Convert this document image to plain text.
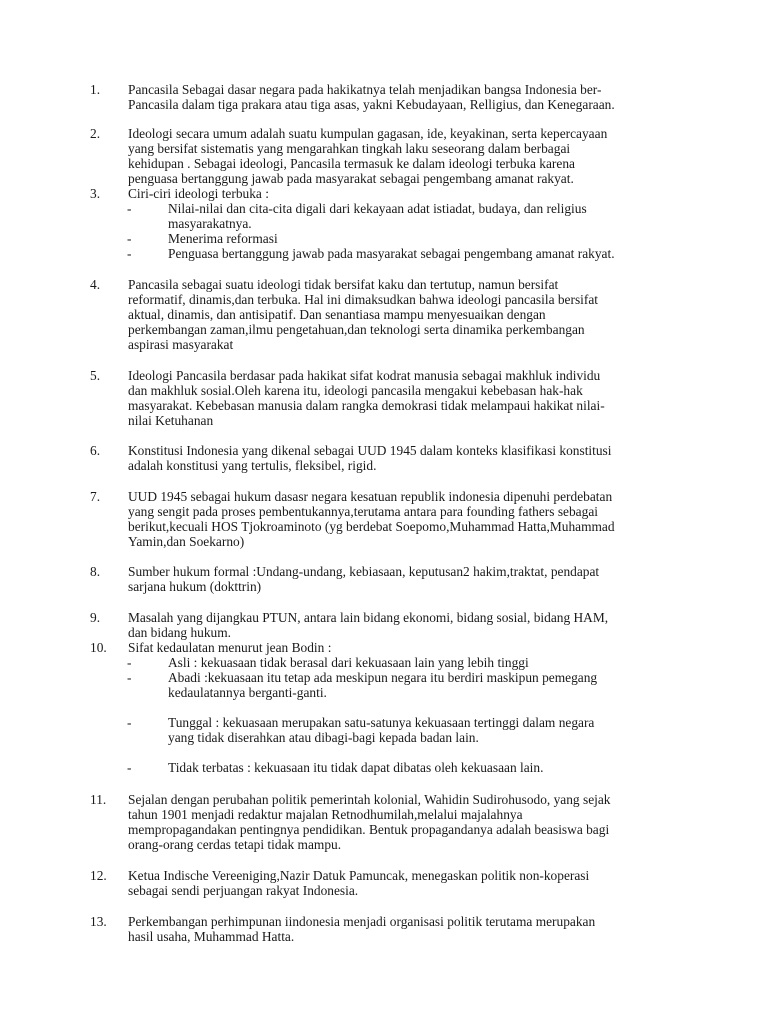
1. Pancasila Sebagai dasar negara pada hakikatnya telah menjadikan bangsa Indonesia ber-
Pancasila dalam tiga prakara atau tiga asas, yakni Kebudayaan, Relligius, dan Kenegaraan.
2. Ideologi secara umum adalah suatu kumpulan gagasan, ide, keyakinan, serta kepercayaan
yang bersifat sistematis yang mengarahkan tingkah laku seseorang dalam berbagai
kehidupan . Sebagai ideologi, Pancasila termasuk ke dalam ideologi terbuka karena
penguasa bertanggung jawab pada masyarakat sebagai pengembang amanat rakyat.
3. Ciri-ciri ideologi terbuka :
-	Nilai-nilai dan cita-cita digali dari kekayaan adat istiadat, budaya, dan religius
masyarakatnya.
-	Menerima reformasi
-	Penguasa bertanggung jawab pada masyarakat sebagai pengembang amanat rakyat.
4. Pancasila sebagai suatu ideologi tidak bersifat kaku dan tertutup, namun bersifat
reformatif, dinamis,dan terbuka. Hal ini dimaksudkan bahwa ideologi pancasila bersifat
aktual, dinamis, dan antisipatif. Dan senantiasa mampu menyesuaikan dengan
perkembangan zaman,ilmu pengetahuan,dan teknologi serta dinamika perkembangan
aspirasi masyarakat
5. Ideologi Pancasila berdasar pada hakikat sifat kodrat manusia sebagai makhluk individu
dan makhluk sosial.Oleh karena itu, ideologi pancasila mengakui kebebasan hak-hak
masyarakat. Kebebasan manusia dalam rangka demokrasi tidak melampaui hakikat nilai-
nilai Ketuhanan
6. Konstitusi Indonesia yang dikenal sebagai UUD 1945 dalam konteks klasifikasi konstitusi
adalah konstitusi yang tertulis, fleksibel, rigid.
7. UUD 1945 sebagai hukum dasasr negara kesatuan republik indonesia dipenuhi perdebatan
yang sengit pada proses pembentukannya,terutama antara para founding fathers sebagai
berikut,kecuali HOS Tjokroaminoto (yg berdebat Soepomo,Muhammad Hatta,Muhammad
Yamin,dan Soekarno)
8. Sumber hukum formal :Undang-undang, kebiasaan, keputusan2 hakim,traktat, pendapat
sarjana hukum (dokttrin)
9. Masalah yang dijangkau PTUN, antara lain bidang ekonomi, bidang sosial, bidang HAM,
dan bidang hukum.
10. Sifat kedaulatan menurut jean Bodin :
-	Asli : kekuasaan tidak berasal dari kekuasaan lain yang lebih tinggi
-	Abadi :kekuasaan itu tetap ada meskipun negara itu berdiri maskipun pemegang
kedaulatannya berganti-ganti.
-	Tunggal : kekuasaan merupakan satu-satunya kekuasaan tertinggi dalam negara
yang tidak diserahkan atau dibagi-bagi kepada badan lain.
-	Tidak terbatas : kekuasaan itu tidak dapat dibatas oleh kekuasaan lain.
11. Sejalan dengan perubahan politik pemerintah kolonial, Wahidin Sudirohusodo, yang sejak
tahun 1901 menjadi redaktur majalan Retnodhumilah,melalui majalahnya
mempropagandakan pentingnya pendidikan. Bentuk propagandanya adalah beasiswa bagi
orang-orang cerdas tetapi tidak mampu.
12. Ketua Indische Vereeniging,Nazir Datuk Pamuncak, menegaskan politik non-koperasi
sebagai sendi perjuangan rakyat Indonesia.
13. Perkembangan perhimpunan iindonesia menjadi organisasi politik terutama merupakan
hasil usaha, Muhammad Hatta.
